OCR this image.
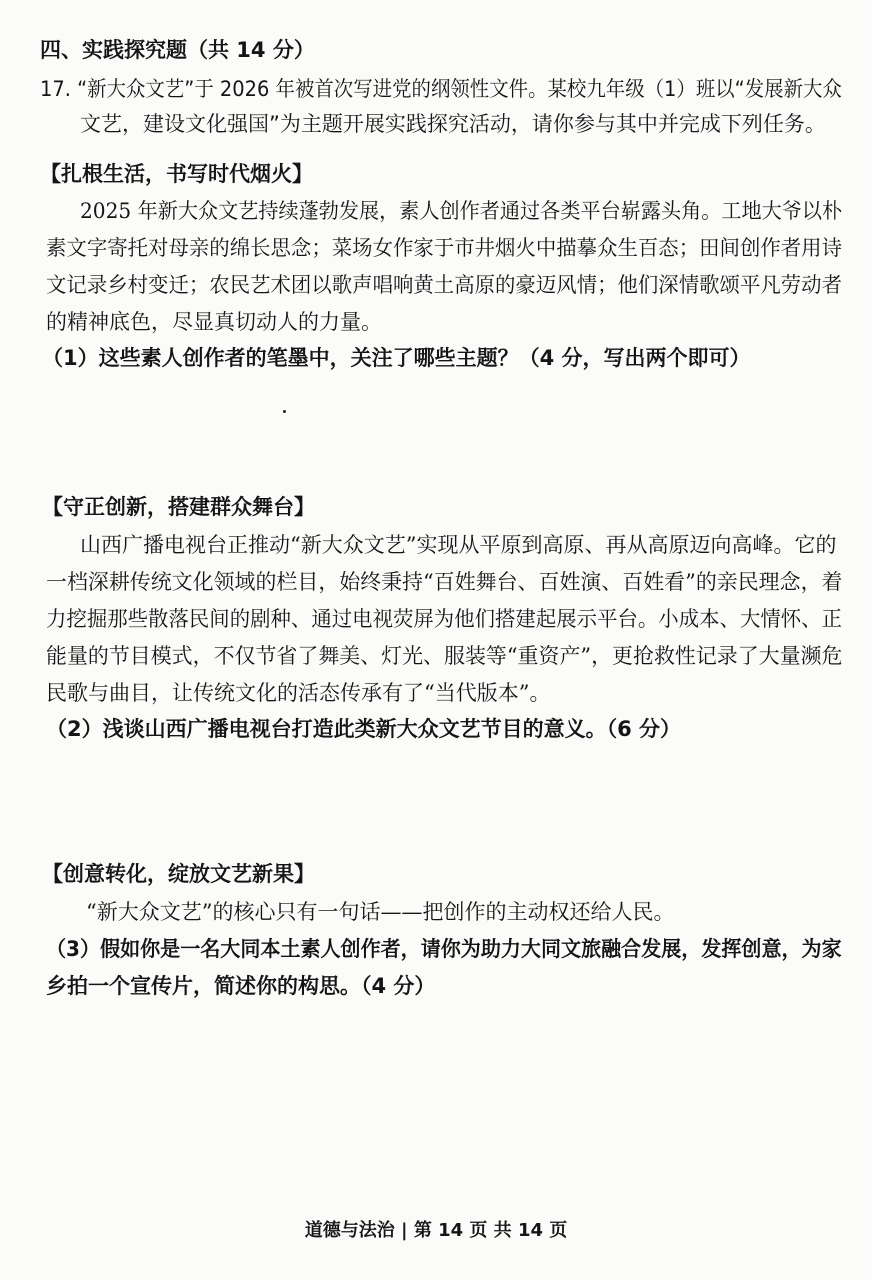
四、实践探究题（共 14 分）
17. “新大众文艺”于 2026 年被首次写进党的纲领性文件。某校九年级（1）班以“发展新大众
文艺，建设文化强国”为主题开展实践探究活动，请你参与其中并完成下列任务。
【扎根生活，书写时代烟火】
2025 年新大众文艺持续蓬勃发展，素人创作者通过各类平台崭露头角。工地大爷以朴
素文字寄托对母亲的绵长思念；菜场女作家于市井烟火中描摹众生百态；田间创作者用诗
文记录乡村变迁；农民艺术团以歌声唱响黄土高原的豪迈风情；他们深情歌颂平凡劳动者
的精神底色，尽显真切动人的力量。
（1）这些素人创作者的笔墨中，关注了哪些主题？（4 分，写出两个即可）
【守正创新，搭建群众舞台】
山西广播电视台正推动“新大众文艺”实现从平原到高原、再从高原迈向高峰。它的
一档深耕传统文化领域的栏目，始终秉持“百姓舞台、百姓演、百姓看”的亲民理念，着
力挖掘那些散落民间的剧种、通过电视荧屏为他们搭建起展示平台。小成本、大情怀、正
能量的节目模式，不仅节省了舞美、灯光、服装等“重资产”，更抢救性记录了大量濒危
民歌与曲目，让传统文化的活态传承有了“当代版本”。
（2）浅谈山西广播电视台打造此类新大众文艺节目的意义。（6 分）
【创意转化，绽放文艺新果】
“新大众文艺”的核心只有一句话——把创作的主动权还给人民。
（3）假如你是一名大同本土素人创作者，请你为助力大同文旅融合发展，发挥创意，为家
乡拍一个宣传片，简述你的构思。（4 分）
道德与法治 | 第 14 页 共 14 页
